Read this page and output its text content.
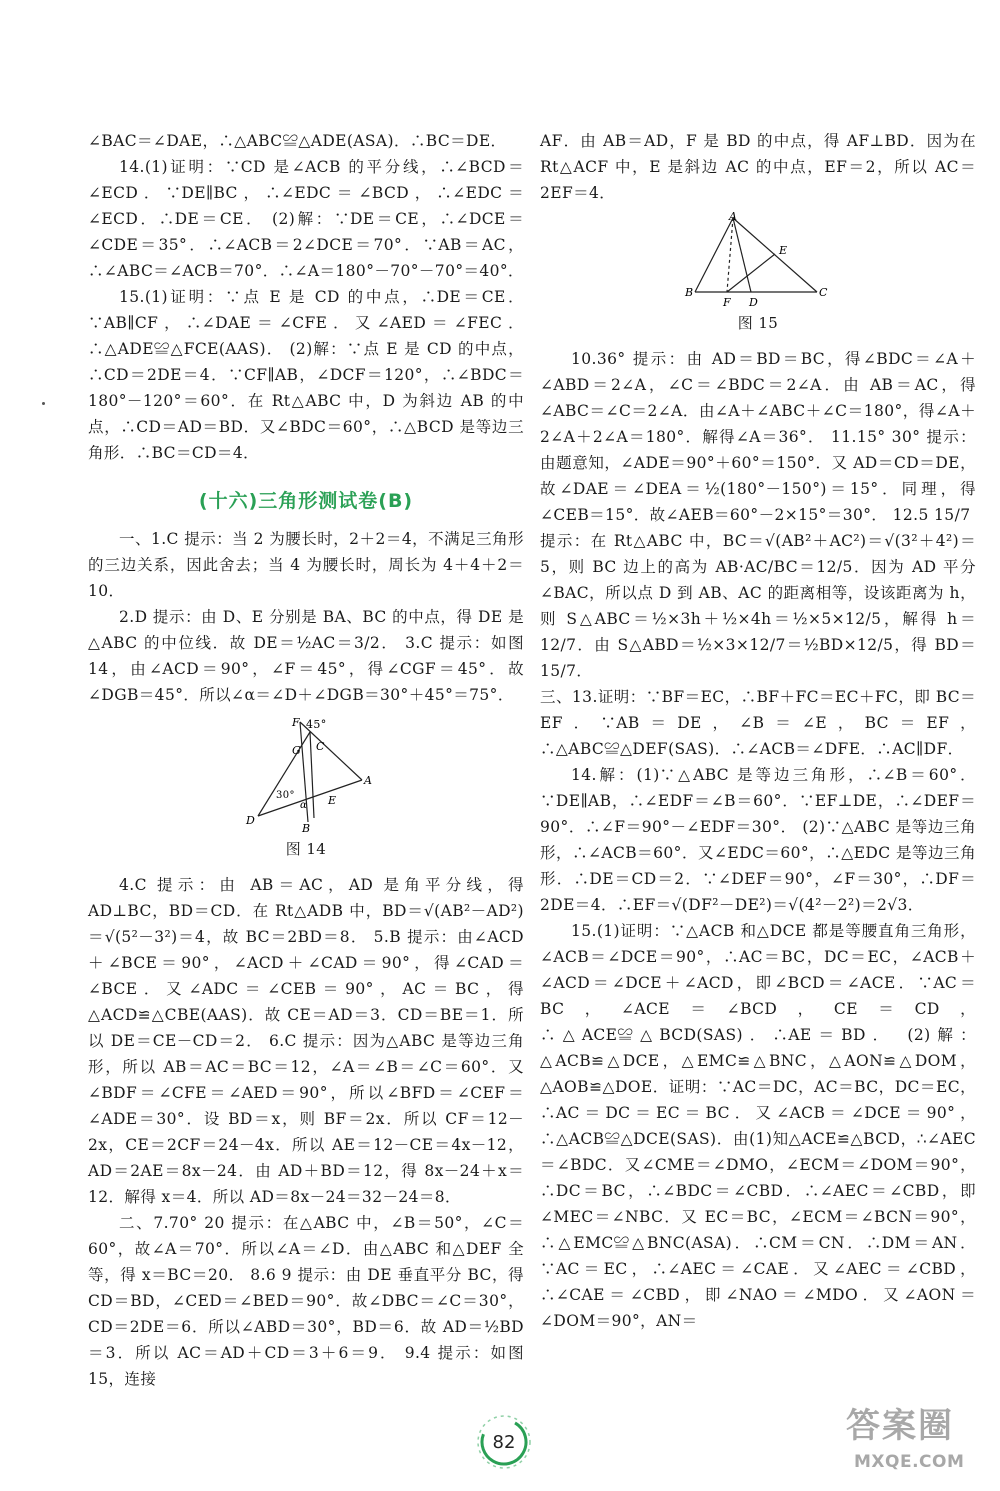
∠BAC＝∠DAE，∴△ABC≌△ADE(ASA)．∴BC＝DE．

14.(1)证明：∵CD 是∠ACB 的平分线，∴∠BCD＝∠ECD．∵DE∥BC，∴∠EDC＝∠BCD，∴∠EDC＝∠ECD．∴DE＝CE． (2)解：∵DE＝CE，∴∠DCE＝∠CDE＝35°．∴∠ACB＝2∠DCE＝70°．∵AB＝AC，∴∠ABC＝∠ACB＝70°．∴∠A＝180°－70°－70°＝40°．

15.(1)证明：∵点 E 是 CD 的中点，∴DE＝CE．∵AB∥CF，∴∠DAE＝∠CFE．又∠AED＝∠FEC．∴△ADE≌△FCE(AAS)． (2)解：∵点 E 是 CD 的中点，∴CD＝2DE＝4．∵CF∥AB，∠DCF＝120°，∴∠BDC＝180°－120°＝60°．在 Rt△ABC 中，D 为斜边 AB 的中点，∴CD＝AD＝BD．又∠BDC＝60°，∴△BCD 是等边三角形．∴BC＝CD＝4．

(十六)三角形测试卷(B)

一、1.C 提示：当 2 为腰长时，2＋2＝4，不满足三角形的三边关系，因此舍去；当 4 为腰长时，周长为 4＋4＋2＝10．

2.D 提示：由 D、E 分别是 BA、BC 的中点，得 DE 是△ABC 的中位线．故 DE＝½AC＝3/2． 3.C 提示：如图 14，由∠ACD＝90°，∠F＝45°，得∠CGF＝45°．故∠DGB＝45°．所以∠α＝∠D＋∠DGB＝30°＋45°＝75°．

F 45°
G C
A
30°
α E
D
B
图 14

4.C 提示：由 AB＝AC，AD 是角平分线，得 AD⊥BC，BD＝CD．在 Rt△ADB 中，BD＝√(AB²－AD²)＝√(5²－3²)＝4，故 BC＝2BD＝8． 5.B 提示：由∠ACD＋∠BCE＝90°，∠ACD＋∠CAD＝90°，得∠CAD＝∠BCE．又∠ADC＝∠CEB＝90°，AC＝BC，得△ACD≌△CBE(AAS)．故 CE＝AD＝3．CD＝BE＝1．所以 DE＝CE－CD＝2． 6.C 提示：因为△ABC 是等边三角形，所以 AB＝AC＝BC＝12，∠A＝∠B＝∠C＝60°．又∠BDF＝∠CFE＝∠AED＝90°，所以∠BFD＝∠CEF＝∠ADE＝30°．设 BD＝x，则 BF＝2x．所以 CF＝12－2x，CE＝2CF＝24－4x．所以 AE＝12－CE＝4x－12，AD＝2AE＝8x－24．由 AD＋BD＝12，得 8x－24＋x＝12．解得 x＝4．所以 AD＝8x－24＝32－24＝8．

二、7.70° 20 提示：在△ABC 中，∠B＝50°，∠C＝60°，故∠A＝70°．所以∠A＝∠D．由△ABC 和△DEF 全等，得 x＝BC＝20． 8.6 9 提示：由 DE 垂直平分 BC，得 CD＝BD，∠CED＝∠BED＝90°．故∠DBC＝∠C＝30°，CD＝2DE＝6．所以∠ABD＝30°，BD＝6．故 AD＝½BD＝3．所以 AC＝AD＋CD＝3＋6＝9． 9.4 提示：如图 15，连接

AF．由 AB＝AD，F 是 BD 的中点，得 AF⊥BD．因为在 Rt△ACF 中，E 是斜边 AC 的中点，EF＝2，所以 AC＝2EF＝4．

A
E
B
F D
C
图 15

10.36° 提示：由 AD＝BD＝BC，得∠BDC＝∠A＋∠ABD＝2∠A，∠C＝∠BDC＝2∠A．由 AB＝AC，得∠ABC＝∠C＝2∠A．由∠A＋∠ABC＋∠C＝180°，得∠A＋2∠A＋2∠A＝180°．解得∠A＝36°． 11.15° 30° 提示：由题意知，∠ADE＝90°＋60°＝150°．又 AD＝CD＝DE，故∠DAE＝∠DEA＝½(180°－150°)＝15°．同理，得∠CEB＝15°．故∠AEB＝60°－2×15°＝30°． 12.5 15/7

提示：在 Rt△ABC 中，BC＝√(AB²＋AC²)＝√(3²＋4²)＝5，则 BC 边上的高为 AB·AC/BC＝12/5．因为 AD 平分∠BAC，所以点 D 到 AB、AC 的距离相等，设该距离为 h，则 S△ABC＝½×3h＋½×4h＝½×5×12/5，解得 h＝12/7．由 S△ABD＝½×3×12/7＝½BD×12/5，得 BD＝15/7．

三、13.证明：∵BF＝EC，∴BF＋FC＝EC＋FC，即 BC＝EF．∵AB＝DE，∠B＝∠E，BC＝EF，∴△ABC≌△DEF(SAS)．∴∠ACB＝∠DFE．∴AC∥DF．

14.解：(1)∵△ABC 是等边三角形，∴∠B＝60°．∵DE∥AB，∴∠EDF＝∠B＝60°．∵EF⊥DE，∴∠DEF＝90°．∴∠F＝90°－∠EDF＝30°． (2)∵△ABC 是等边三角形，∴∠ACB＝60°．又∠EDC＝60°，∴△EDC 是等边三角形．∴DE＝CD＝2．∵∠DEF＝90°，∠F＝30°，∴DF＝2DE＝4．∴EF＝√(DF²－DE²)＝√(4²－2²)＝2√3．

15.(1)证明：∵△ACB 和△DCE 都是等腰直角三角形，∠ACB＝∠DCE＝90°，∴AC＝BC，DC＝EC，∠ACB＋∠ACD＝∠DCE＋∠ACD，即∠BCD＝∠ACE．∵AC＝BC，∠ACE＝∠BCD，CE＝CD，∴△ACE≌△BCD(SAS)．∴AE＝BD． (2)解：△ACB≌△DCE，△EMC≌△BNC，△AON≌△DOM，△AOB≌△DOE．证明：∵AC＝DC，AC＝BC，DC＝EC，∴AC＝DC＝EC＝BC．又∠ACB＝∠DCE＝90°，∴△ACB≌△DCE(SAS)．由(1)知△ACE≌△BCD，∴∠AEC＝∠BDC．又∠CME＝∠DMO，∠ECM＝∠DOM＝90°，∴DC＝BC，∴∠BDC＝∠CBD．∴∠AEC＝∠CBD，即∠MEC＝∠NBC．又 EC＝BC，∠ECM＝∠BCN＝90°，∴△EMC≌△BNC(ASA)．∴CM＝CN．∴DM＝AN．∵AC＝EC，∴∠AEC＝∠CAE．又∠AEC＝∠CBD，∴∠CAE＝∠CBD，即∠NAO＝∠MDO．又∠AON＝∠DOM＝90°，AN＝

82	答案圈
MXQE.COM
